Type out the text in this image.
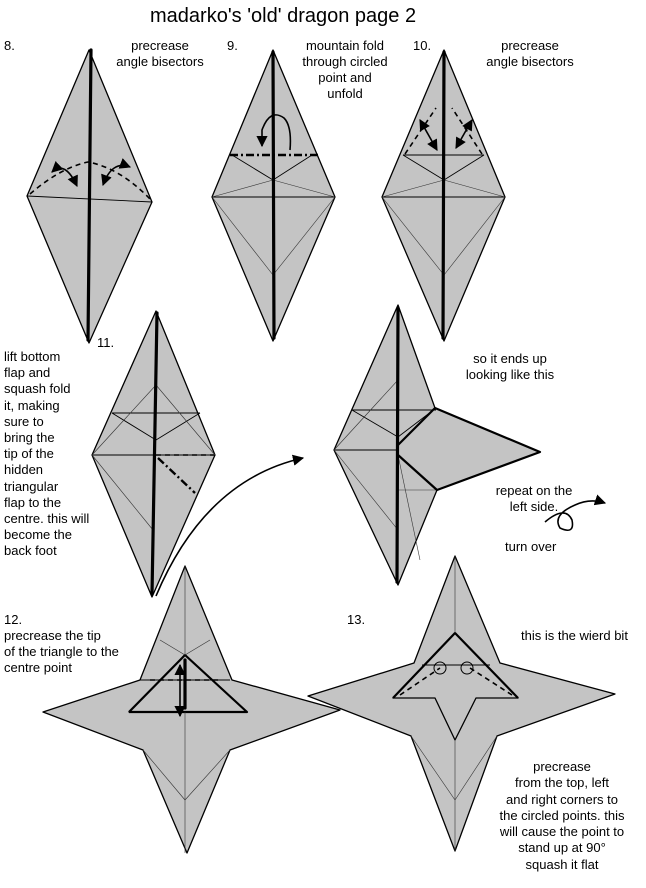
madarko's 'old' dragon page 2
8.	precrease
angle bisectors
9.	mountain fold
through circled
point and
unfold
10.	precrease
angle bisectors
11.
lift bottom
flap and
squash fold
it, making
sure to
bring the
tip of the
hidden
triangular
flap to the
centre. this will
become the
back foot
so it ends up
looking like this
repeat on the
left side.
turn over
12.
precrease the tip
of the triangle to the
centre point
13.
this is the wierd bit
precrease
from the top, left
and right corners to
the circled points. this
will cause the point to
stand up at 90°
squash it flat
